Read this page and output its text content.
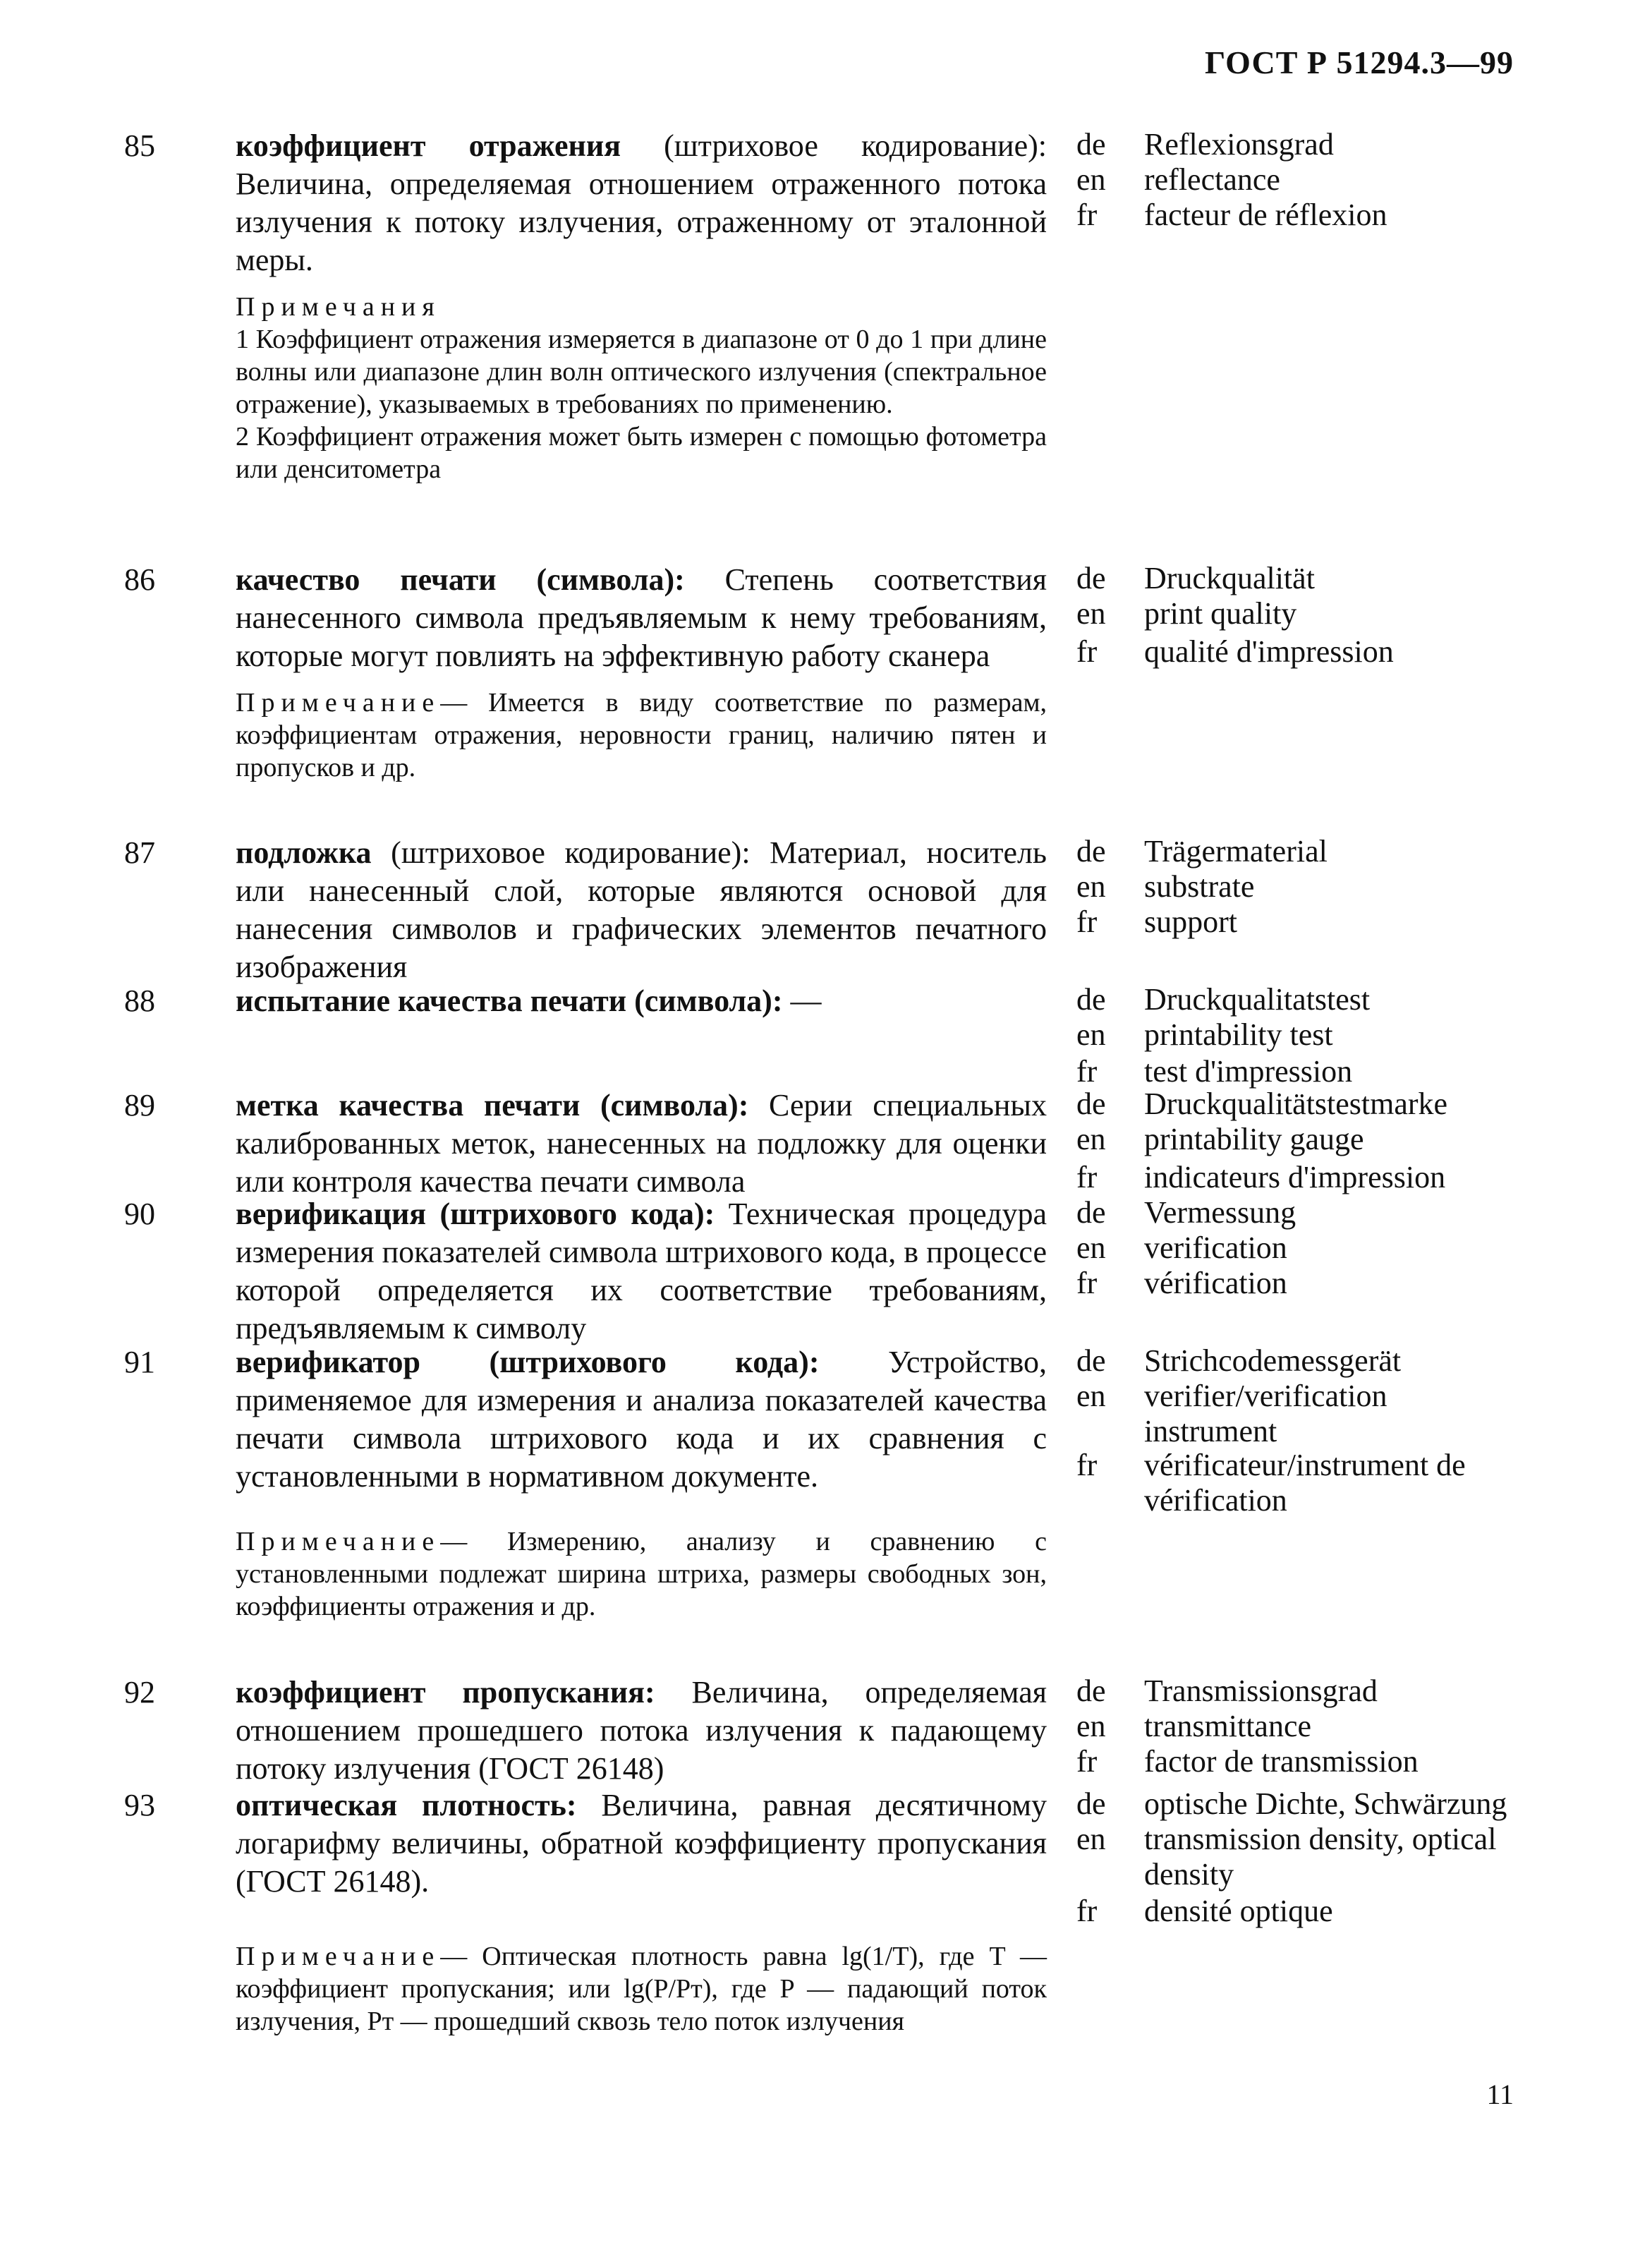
ГОСТ Р 51294.3—99
85	коэффициент отражения (штриховое кодирование): Величина, определяемая отношением отраженного потока излучения к потоку излучения, отраженному от эталонной меры.
de Reflexionsgrad
en reflectance
fr facteur de réflexion
Примечания
1 Коэффициент отражения измеряется в диапазоне от 0 до 1 при длине волны или диапазоне длин волн оптического излучения (спектральное отражение), указываемых в требованиях по применению.
2 Коэффициент отражения может быть измерен с помощью фотометра или денситометра
86	качество печати (символа): Степень соответствия нанесенного символа предъявляемым к нему требованиям, которые могут повлиять на эффективную работу сканера
de Druckqualität
en print quality
fr qualité d'impression
Примечание— Имеется в виду соответствие по размерам, коэффициентам отражения, неровности границ, наличию пятен и пропусков и др.
87	подложка (штриховое кодирование): Материал, носитель или нанесенный слой, которые являются основой для нанесения символов и графических элементов печатного изображения
de Trägermaterial
en substrate
fr support
88	испытание качества печати (символа): —	de Druckqualitatstest
en printability test
fr test d'impression
89	метка качества печати (символа): Серии специальных калиброванных меток, нанесенных на подложку для оценки или контроля качества печати символа
de Druckqualitätstestmarke
en printability gauge
fr indicateurs d'impression
90	верификация (штрихового кода): Техническая процедура измерения показателей символа штрихового кода, в процессе которой определяется их соответствие требованиям, предъявляемым к символу
de Vermessung
en verification
fr vérification
91	верификатор (штрихового кода): Устройство, применяемое для измерения и анализа показателей качества печати символа штрихового кода и их сравнения с установленными в нормативном документе.
de Strichcodemessgerät
en verifier/verification instrument
fr vérificateur/instrument de vérification
Примечание— Измерению, анализу и сравнению с установленными подлежат ширина штриха, размеры свободных зон, коэффициенты отражения и др.
92	коэффициент пропускания: Величина, определяемая отношением прошедшего потока излучения к падающему потоку излучения (ГОСТ 26148)
de Transmissionsgrad
en transmittance
fr factor de transmission
93	оптическая плотность: Величина, равная десятичному логарифму величины, обратной коэффициенту пропускания (ГОСТ 26148).
de optische Dichte, Schwärzung
en transmission density, optical density
fr densité optique
Примечание— Оптическая плотность равна lg(1/T), где T — коэффициент пропускания; или lg(P/Pт), где P — падающий поток излучения, Pт — прошедший сквозь тело поток излучения
11
